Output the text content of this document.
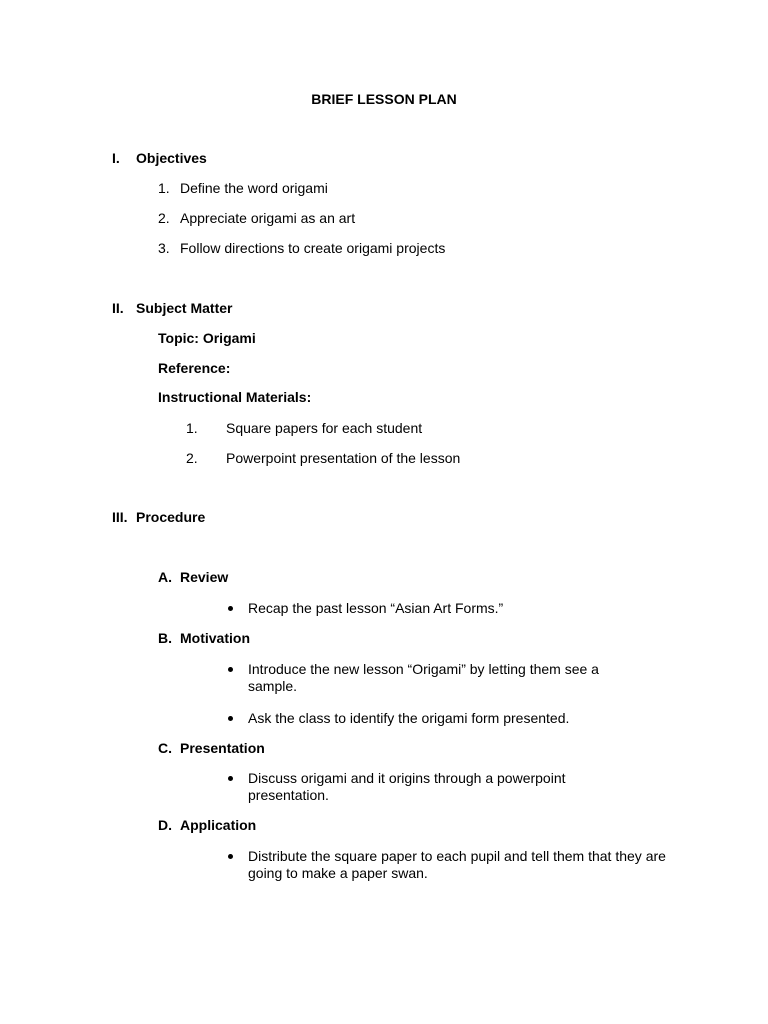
BRIEF LESSON PLAN
I. Objectives
1. Define the word origami
2. Appreciate origami as an art
3. Follow directions to create origami projects
II. Subject Matter
Topic: Origami
Reference:
Instructional Materials:
1. Square papers for each student
2. Powerpoint presentation of the lesson
III. Procedure
A. Review
Recap the past lesson “Asian Art Forms.”
B. Motivation
Introduce the new lesson “Origami” by letting them see a sample.
Ask the class to identify the origami form presented.
C. Presentation
Discuss origami and it origins through a powerpoint presentation.
D. Application
Distribute the square paper to each pupil and tell them that they are going to make a paper swan.
